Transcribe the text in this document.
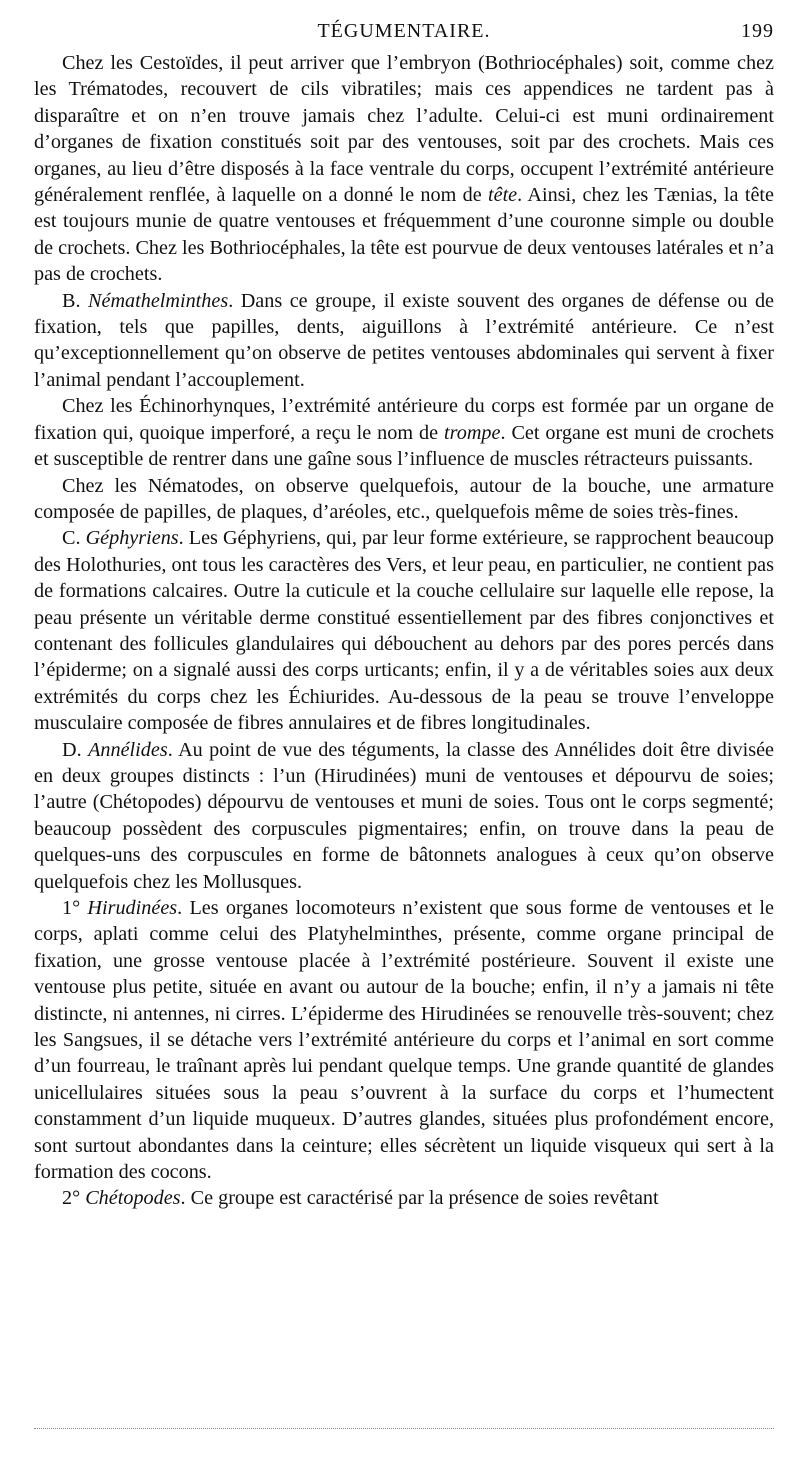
TÉGUMENTAIRE.	199

Chez les Cestoïdes, il peut arriver que l’embryon (Bothriocéphales) soit, comme chez les Trématodes, recouvert de cils vibratiles; mais ces appendices ne tardent pas à disparaître et on n’en trouve jamais chez l’adulte. Celui-ci est muni ordinairement d’organes de fixation constitués soit par des ventouses, soit par des crochets. Mais ces organes, au lieu d’être disposés à la face ventrale du corps, occupent l’extrémité antérieure généralement renflée, à laquelle on a donné le nom de tête. Ainsi, chez les Tænias, la tête est toujours munie de quatre ventouses et fréquemment d’une couronne simple ou double de crochets. Chez les Bothriocéphales, la tête est pourvue de deux ventouses latérales et n’a pas de crochets.

B. Némathelminthes. Dans ce groupe, il existe souvent des organes de défense ou de fixation, tels que papilles, dents, aiguillons à l’extrémité antérieure. Ce n’est qu’exceptionnellement qu’on observe de petites ventouses abdominales qui servent à fixer l’animal pendant l’accouplement.

Chez les Échinorhynques, l’extrémité antérieure du corps est formée par un organe de fixation qui, quoique imperforé, a reçu le nom de trompe. Cet organe est muni de crochets et susceptible de rentrer dans une gaîne sous l’influence de muscles rétracteurs puissants.

Chez les Nématodes, on observe quelquefois, autour de la bouche, une armature composée de papilles, de plaques, d’aréoles, etc., quelquefois même de soies très-fines.

C. Géphyriens. Les Géphyriens, qui, par leur forme extérieure, se rapprochent beaucoup des Holothuries, ont tous les caractères des Vers, et leur peau, en particulier, ne contient pas de formations calcaires. Outre la cuticule et la couche cellulaire sur laquelle elle repose, la peau présente un véritable derme constitué essentiellement par des fibres conjonctives et contenant des follicules glandulaires qui débouchent au dehors par des pores percés dans l’épiderme; on a signalé aussi des corps urticants; enfin, il y a de véritables soies aux deux extrémités du corps chez les Échiurides. Au-dessous de la peau se trouve l’enveloppe musculaire composée de fibres annulaires et de fibres longitudinales.

D. Annélides. Au point de vue des téguments, la classe des Annélides doit être divisée en deux groupes distincts : l’un (Hirudinées) muni de ventouses et dépourvu de soies; l’autre (Chétopodes) dépourvu de ventouses et muni de soies. Tous ont le corps segmenté; beaucoup possèdent des corpuscules pigmentaires; enfin, on trouve dans la peau de quelques-uns des corpuscules en forme de bâtonnets analogues à ceux qu’on observe quelquefois chez les Mollusques.

1° Hirudinées. Les organes locomoteurs n’existent que sous forme de ventouses et le corps, aplati comme celui des Platyhelminthes, présente, comme organe principal de fixation, une grosse ventouse placée à l’extrémité postérieure. Souvent il existe une ventouse plus petite, située en avant ou autour de la bouche; enfin, il n’y a jamais ni tête distincte, ni antennes, ni cirres. L’épiderme des Hirudinées se renouvelle très-souvent; chez les Sangsues, il se détache vers l’extrémité antérieure du corps et l’animal en sort comme d’un fourreau, le traînant après lui pendant quelque temps. Une grande quantité de glandes unicellulaires situées sous la peau s’ouvrent à la surface du corps et l’humectent constamment d’un liquide muqueux. D’autres glandes, situées plus profondément encore, sont surtout abondantes dans la ceinture; elles sécrètent un liquide visqueux qui sert à la formation des cocons.

2° Chétopodes. Ce groupe est caractérisé par la présence de soies revêtant
